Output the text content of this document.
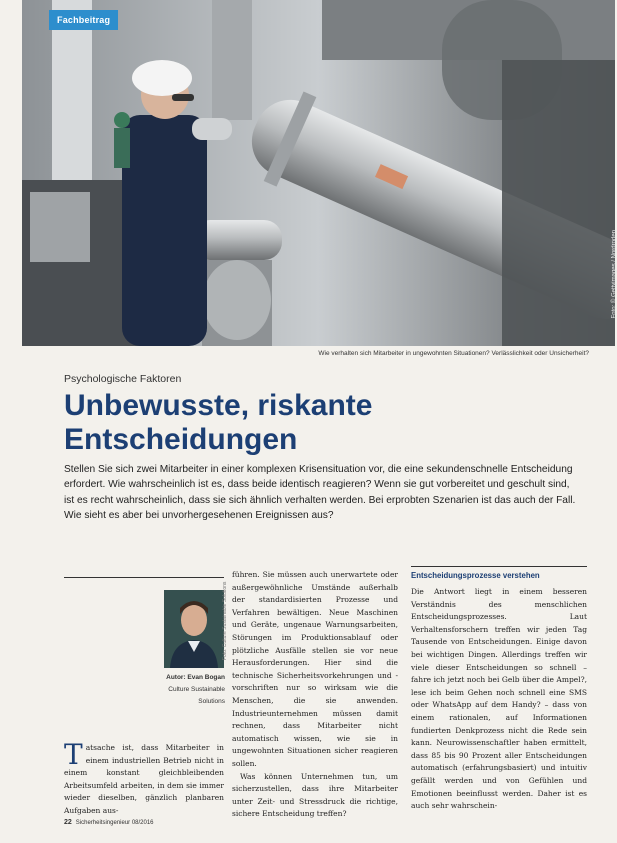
Fachbeitrag
Foto: © Gettyimages / Nordroden
Wie verhalten sich Mitarbeiter in ungewohnten Situationen? Verlässlichkeit oder Unsicherheit?
Psychologische Faktoren
Unbewusste, riskante Entscheidungen

Stellen Sie sich zwei Mitarbeiter in einer komplexen Krisensituation vor, die eine sekundenschnelle Entscheidung erfordert. Wie wahrscheinlich ist es, dass beide identisch reagieren? Wenn sie gut vorbereitet und geschult sind, ist es recht wahrscheinlich, dass sie sich ähnlich verhalten werden. Bei erprobten Szenarien ist das auch der Fall. Wie sieht es aber bei unvorhergesehenen Ereignissen aus?

Foto: Culture Sustainable Solutions
Autor: Evan Bogan
Culture Sustainable
Solutions

Tatsache ist, dass Mitarbeiter in einem industriellen Betrieb nicht in einem konstant gleichbleibenden Arbeitsumfeld arbeiten, in dem sie immer wieder dieselben, gänzlich planbaren Aufgaben aus-

führen. Sie müssen auch unerwartete oder außergewöhnliche Umstände außerhalb der standardisierten Prozesse und Verfahren bewältigen. Neue Maschinen und Geräte, ungenaue Warnungsarbeiten, Störungen im Produktionsablauf oder plötzliche Ausfälle stellen sie vor neue Herausforderungen. Hier sind die technische Sicherheitsvorkehrungen und -vorschriften nur so wirksam wie die Menschen, die sie anwenden. Industrieunternehmen müssen damit rechnen, dass Mitarbeiter nicht automatisch wissen, wie sie in ungewohnten Situationen sicher reagieren sollen.

Was können Unternehmen tun, um sicherzustellen, dass ihre Mitarbeiter unter Zeit- und Stressdruck die richtige, sichere Entscheidung treffen?

Entscheidungsprozesse verstehen

Die Antwort liegt in einem besseren Verständnis des menschlichen Entscheidungsprozesses. Laut Verhaltensforschern treffen wir jeden Tag Tausende von Entscheidungen. Einige davon bei wichtigen Dingen. Allerdings treffen wir viele dieser Entscheidungen so schnell – fahre ich jetzt noch bei Gelb über die Ampel?, lese ich beim Gehen noch schnell eine SMS oder WhatsApp auf dem Handy? – dass von einem rationalen, auf Informationen fundierten Denkprozess nicht die Rede sein kann. Neurowissenschaftler haben ermittelt, dass 85 bis 90 Prozent aller Entscheidungen automatisch (erfahrungsbasiert) und intuitiv gefällt werden und von Gefühlen und Emotionen beeinflusst werden. Daher ist es auch sehr wahrschein-

22 Sicherheitsingenieur 08/2016
